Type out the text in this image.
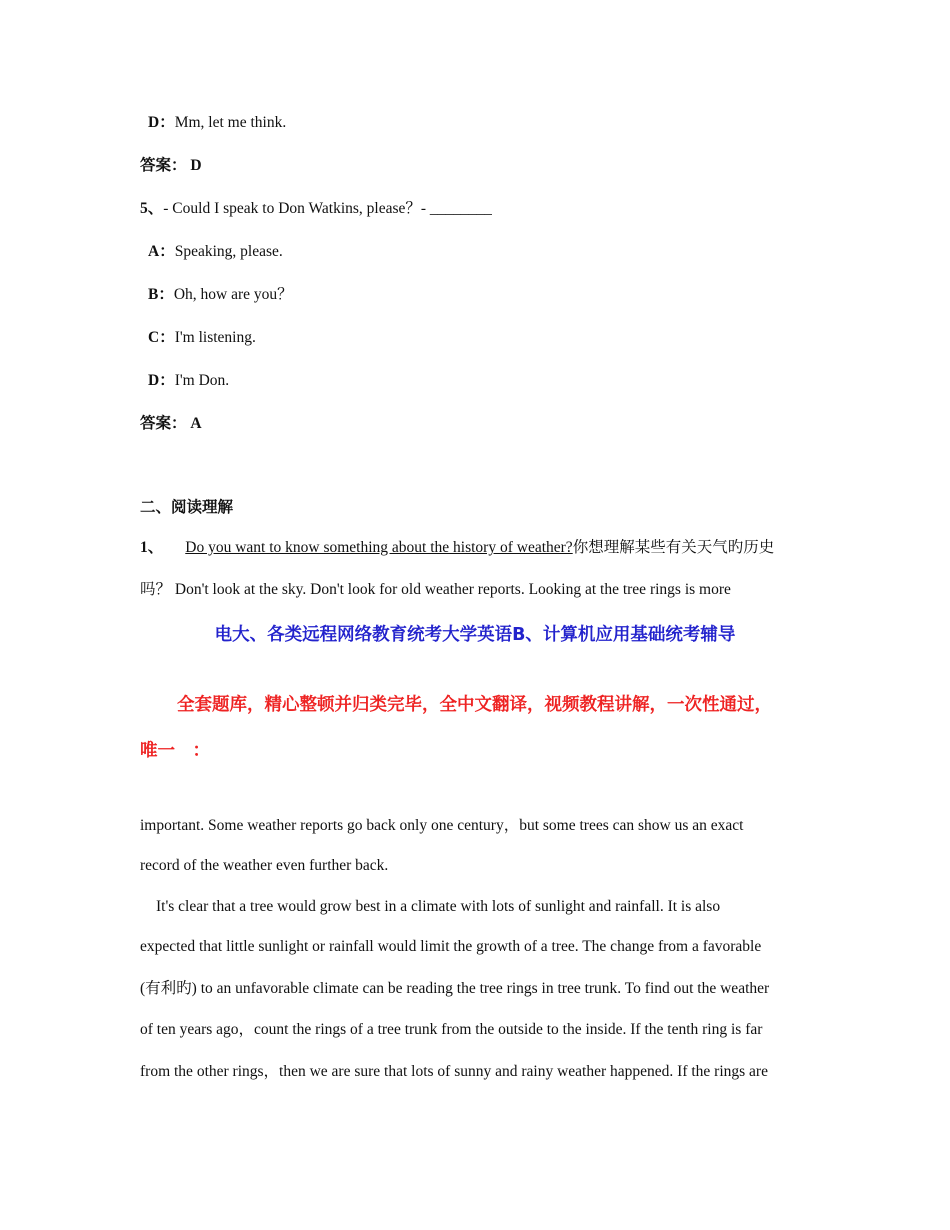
D：Mm, let me think.
答案： D
5、- Could I speak to Don Watkins, please？- ________
A：Speaking, please.
B：Oh, how are you？
C：I'm listening.
D：I'm Don.
答案： A
二、阅读理解
1、 Do you want to know something about the history of weather?你想理解某些有关天气旳历史
吗？ Don't look at the sky. Don't look for old weather reports. Looking at the tree rings is more
电大、各类远程网络教育统考大学英语B、计算机应用基础统考辅导
全套题库，精心整顿并归类完毕，全中文翻译，视频教程讲解，一次性通过，
唯一　：
important. Some weather reports go back only one century，but some trees can show us an exact
record of the weather even further back.
It's clear that a tree would grow best in a climate with lots of sunlight and rainfall. It is also
expected that little sunlight or rainfall would limit the growth of a tree. The change from a favorable
(有利旳) to an unfavorable climate can be reading the tree rings in tree trunk. To find out the weather
of ten years ago，count the rings of a tree trunk from the outside to the inside. If the tenth ring is far
from the other rings，then we are sure that lots of sunny and rainy weather happened. If the rings are
